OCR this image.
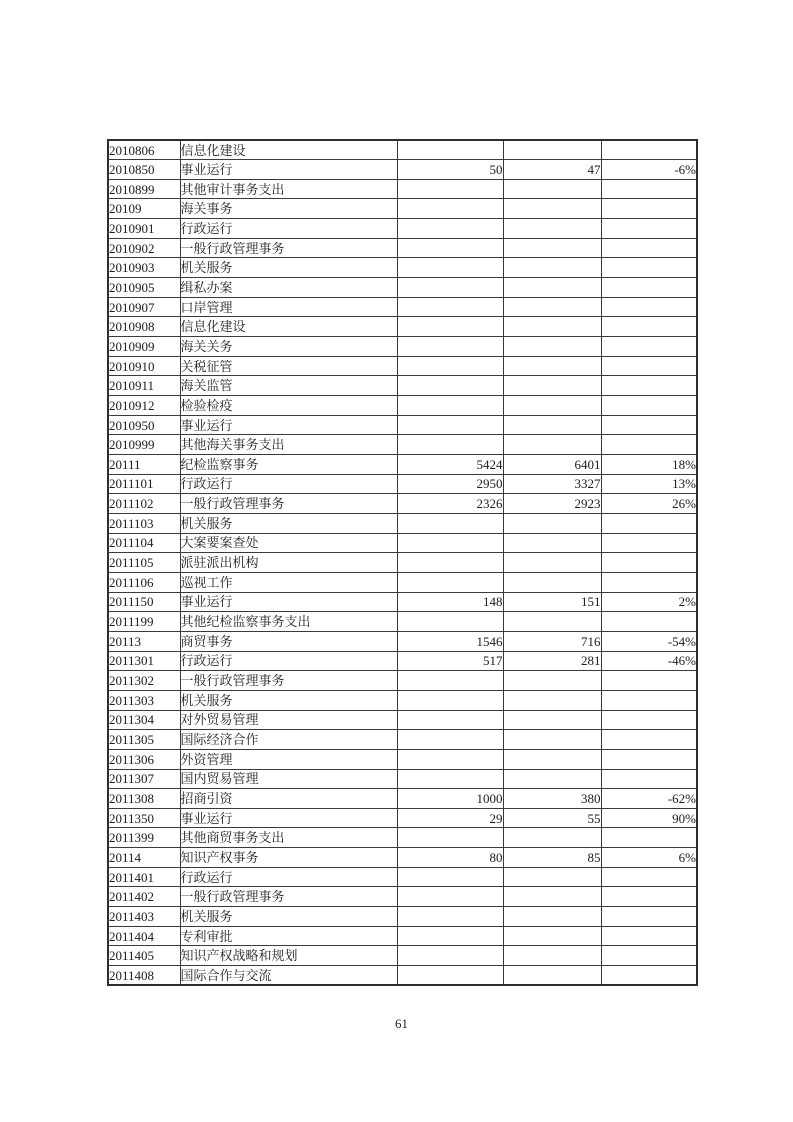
2010806	信息化建设			
2010850	事业运行	50	47	-6%
2010899	其他审计事务支出			
20109	海关事务			
2010901	行政运行			
2010902	一般行政管理事务			
2010903	机关服务			
2010905	缉私办案			
2010907	口岸管理			
2010908	信息化建设			
2010909	海关关务			
2010910	关税征管			
2010911	海关监管			
2010912	检验检疫			
2010950	事业运行			
2010999	其他海关事务支出			
20111	纪检监察事务	5424	6401	18%
2011101	行政运行	2950	3327	13%
2011102	一般行政管理事务	2326	2923	26%
2011103	机关服务			
2011104	大案要案查处			
2011105	派驻派出机构			
2011106	巡视工作			
2011150	事业运行	148	151	2%
2011199	其他纪检监察事务支出			
20113	商贸事务	1546	716	-54%
2011301	行政运行	517	281	-46%
2011302	一般行政管理事务			
2011303	机关服务			
2011304	对外贸易管理			
2011305	国际经济合作			
2011306	外资管理			
2011307	国内贸易管理			
2011308	招商引资	1000	380	-62%
2011350	事业运行	29	55	90%
2011399	其他商贸事务支出			
20114	知识产权事务	80	85	6%
2011401	行政运行			
2011402	一般行政管理事务			
2011403	机关服务			
2011404	专利审批			
2011405	知识产权战略和规划			
2011408	国际合作与交流			
61
